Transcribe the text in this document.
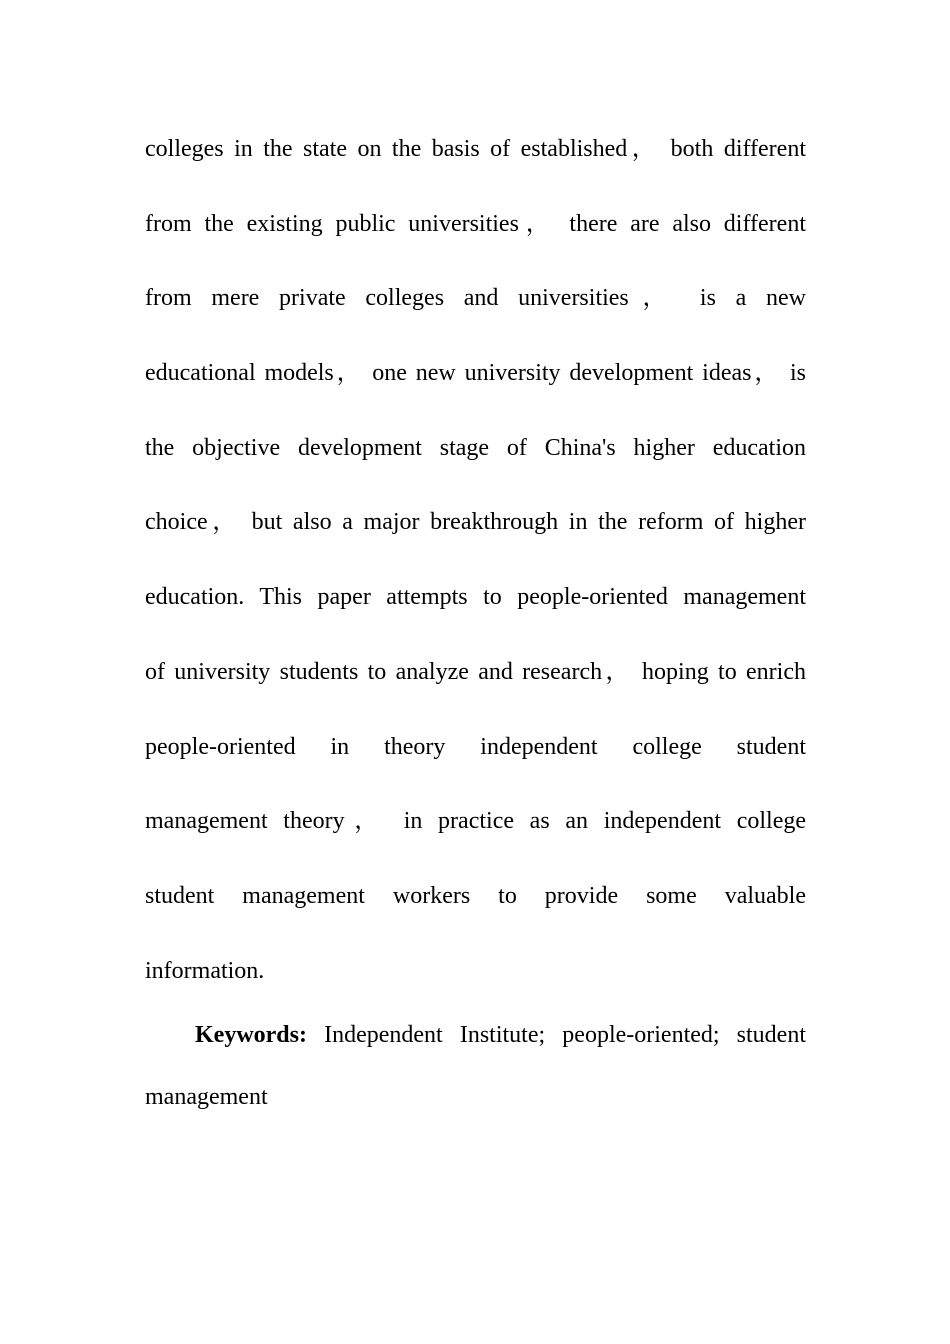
colleges in the state on the basis of established， both different
from the existing public universities， there are also different
from mere private colleges and universities， is a new
educational models， one new university development ideas， is
the objective development stage of China's higher education
choice， but also a major breakthrough in the reform of higher
education. This paper attempts to people-oriented management
of university students to analyze and research， hoping to enrich
people-oriented in theory independent college student
management theory， in practice as an independent college
student management workers to provide some valuable
information.
Keywords: Independent Institute; people-oriented; student
management
